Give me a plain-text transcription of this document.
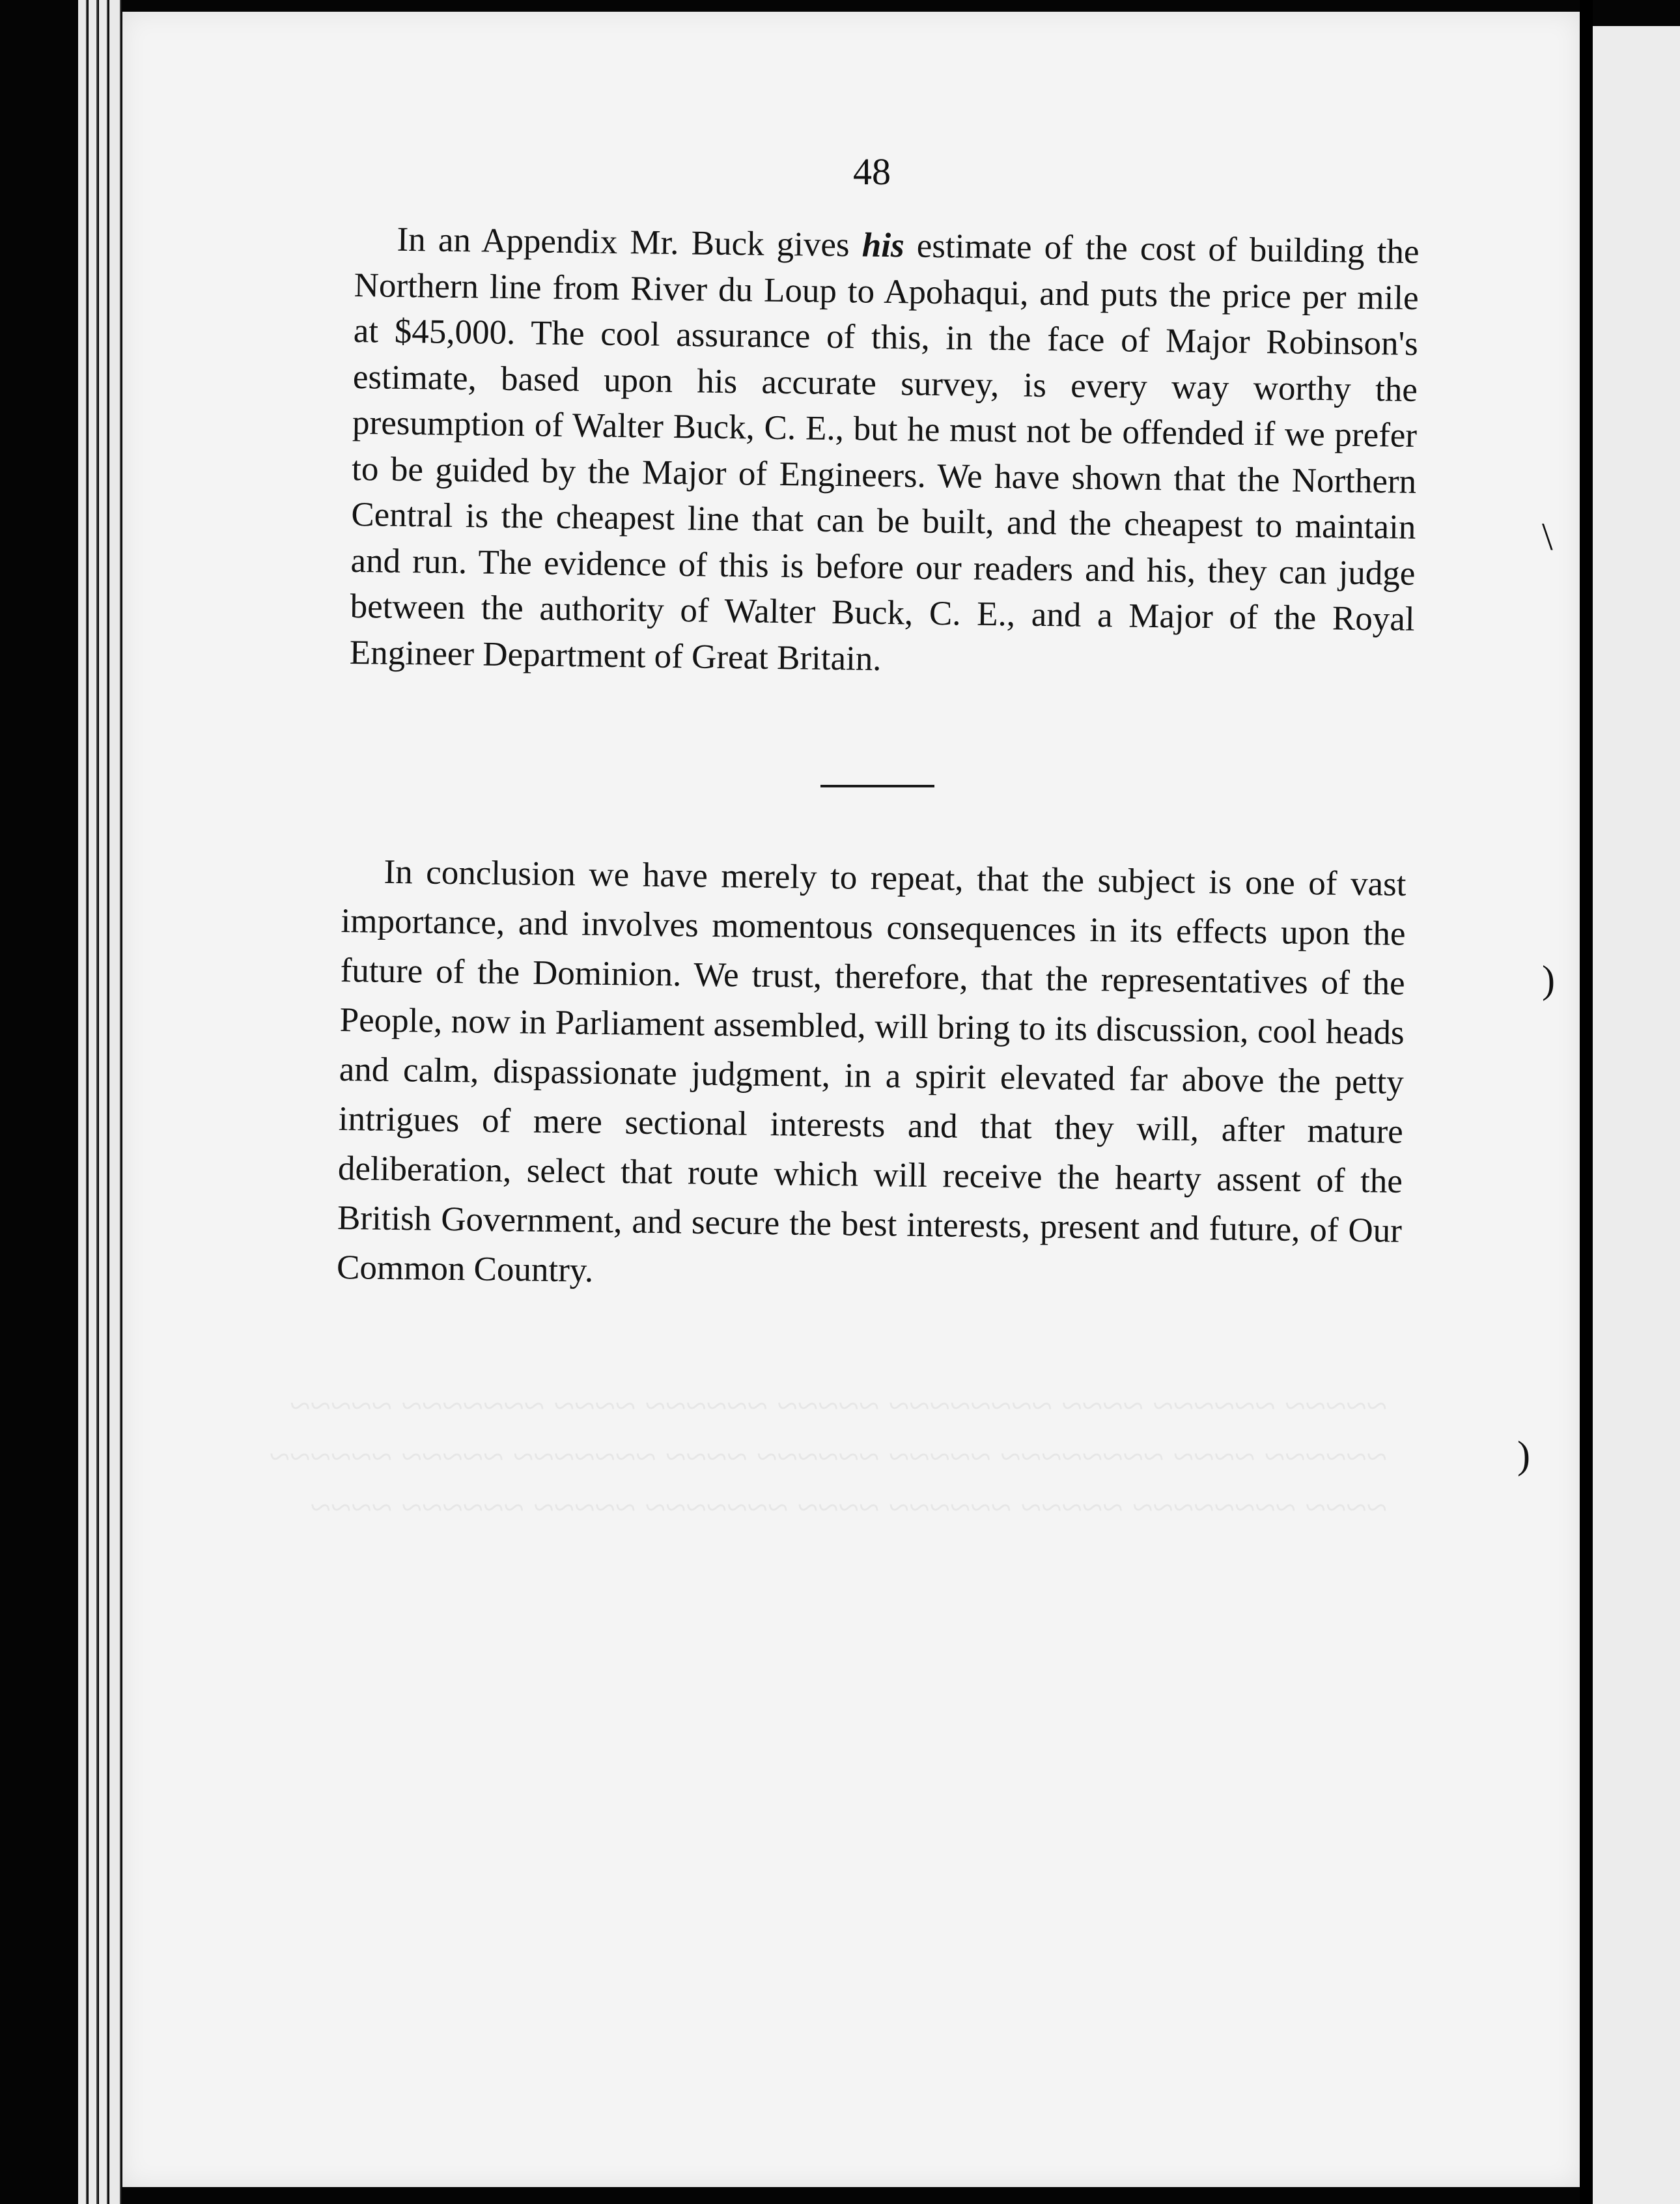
~~~~~ ~~~~~~ ~~~~ ~~~~~~~~ ~~~~~ ~~~~~~ ~~~~ ~~~~~~~ ~~~~~ ~~~~~~ ~~~~ ~~~~~~~~ ~~~~~ ~~~~~~ ~~~~ ~~~~~~~ ~~~~~ ~~~~~~ ~~~~ ~~~~~~~~ ~~~~~ ~~~~~~ ~~~~ ~~~~~~~ ~~~~~ ~~~~~~ ~~~~
48

In an Appendix Mr. Buck gives his estimate of the cost of building the Northern line from River du Loup to Apohaqui, and puts the price per mile at $45,000. The cool assurance of this, in the face of Major Robinson's estimate, based upon his accurate survey, is every way worthy the presumption of Walter Buck, C. E., but he must not be offended if we prefer to be guided by the Major of Engineers. We have shown that the Northern Central is the cheapest line that can be built, and the cheapest to maintain and run. The evidence of this is before our readers and his, they can judge between the authority of Walter Buck, C. E., and a Major of the Royal Engineer Department of Great Britain.

In conclusion we have merely to repeat, that the subject is one of vast importance, and involves momentous consequences in its effects upon the future of the Dominion. We trust, therefore, that the representatives of the People, now in Parliament assembled, will bring to its discussion, cool heads and calm, dispassionate judgment, in a spirit elevated far above the petty intrigues of mere sectional interests and that they will, after mature deliberation, select that route which will receive the hearty assent of the British Government, and secure the best interests, present and future, of Our Common Country.

\
)
)
